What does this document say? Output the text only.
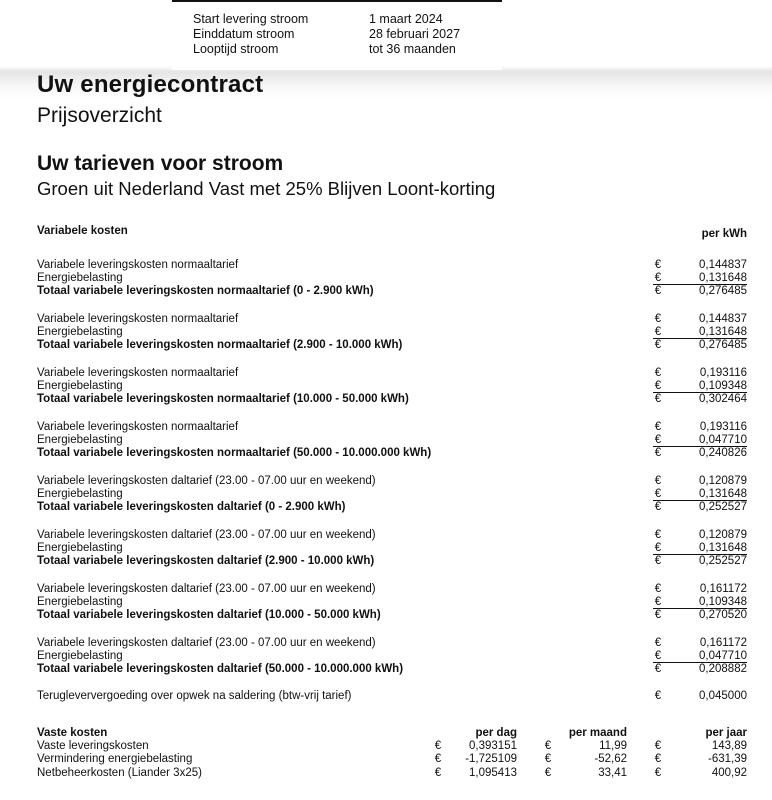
Start levering stroom	1 maart 2024
Einddatum stroom	28 februari 2027
Looptijd stroom	tot 36 maanden
Uw energiecontract
Prijsoverzicht
Uw tarieven voor stroom
Groen uit Nederland Vast met 25% Blijven Loont-korting
Variabele kosten	per kWh
Variabele leveringskosten normaaltarief	€	0,144837
Energiebelasting	€	0,131648
Totaal variabele leveringskosten normaaltarief (0 - 2.900 kWh)	€	0,276485
Variabele leveringskosten normaaltarief	€	0,144837
Energiebelasting	€	0,131648
Totaal variabele leveringskosten normaaltarief (2.900 - 10.000 kWh)	€	0,276485
Variabele leveringskosten normaaltarief	€	0,193116
Energiebelasting	€	0,109348
Totaal variabele leveringskosten normaaltarief (10.000 - 50.000 kWh)	€	0,302464
Variabele leveringskosten normaaltarief	€	0,193116
Energiebelasting	€	0,047710
Totaal variabele leveringskosten normaaltarief (50.000 - 10.000.000 kWh)	€	0,240826
Variabele leveringskosten daltarief (23.00 - 07.00 uur en weekend)	€	0,120879
Energiebelasting	€	0,131648
Totaal variabele leveringskosten daltarief (0 - 2.900 kWh)	€	0,252527
Variabele leveringskosten daltarief (23.00 - 07.00 uur en weekend)	€	0,120879
Energiebelasting	€	0,131648
Totaal variabele leveringskosten daltarief (2.900 - 10.000 kWh)	€	0,252527
Variabele leveringskosten daltarief (23.00 - 07.00 uur en weekend)	€	0,161172
Energiebelasting	€	0,109348
Totaal variabele leveringskosten daltarief (10.000 - 50.000 kWh)	€	0,270520
Variabele leveringskosten daltarief (23.00 - 07.00 uur en weekend)	€	0,161172
Energiebelasting	€	0,047710
Totaal variabele leveringskosten daltarief (50.000 - 10.000.000 kWh)	€	0,208882
Terugleververgoeding over opwek na saldering (btw-vrij tarief)	€	0,045000
Vaste kosten	per dag	per maand	per jaar
Vaste leveringskosten	€ 0,393151 €	11,99 €	143,89
Vermindering energiebelasting	€ -1,725109 €	-52,62 €	-631,39
Netbeheerkosten (Liander 3x25)	€ 1,095413 €	33,41 €	400,92
